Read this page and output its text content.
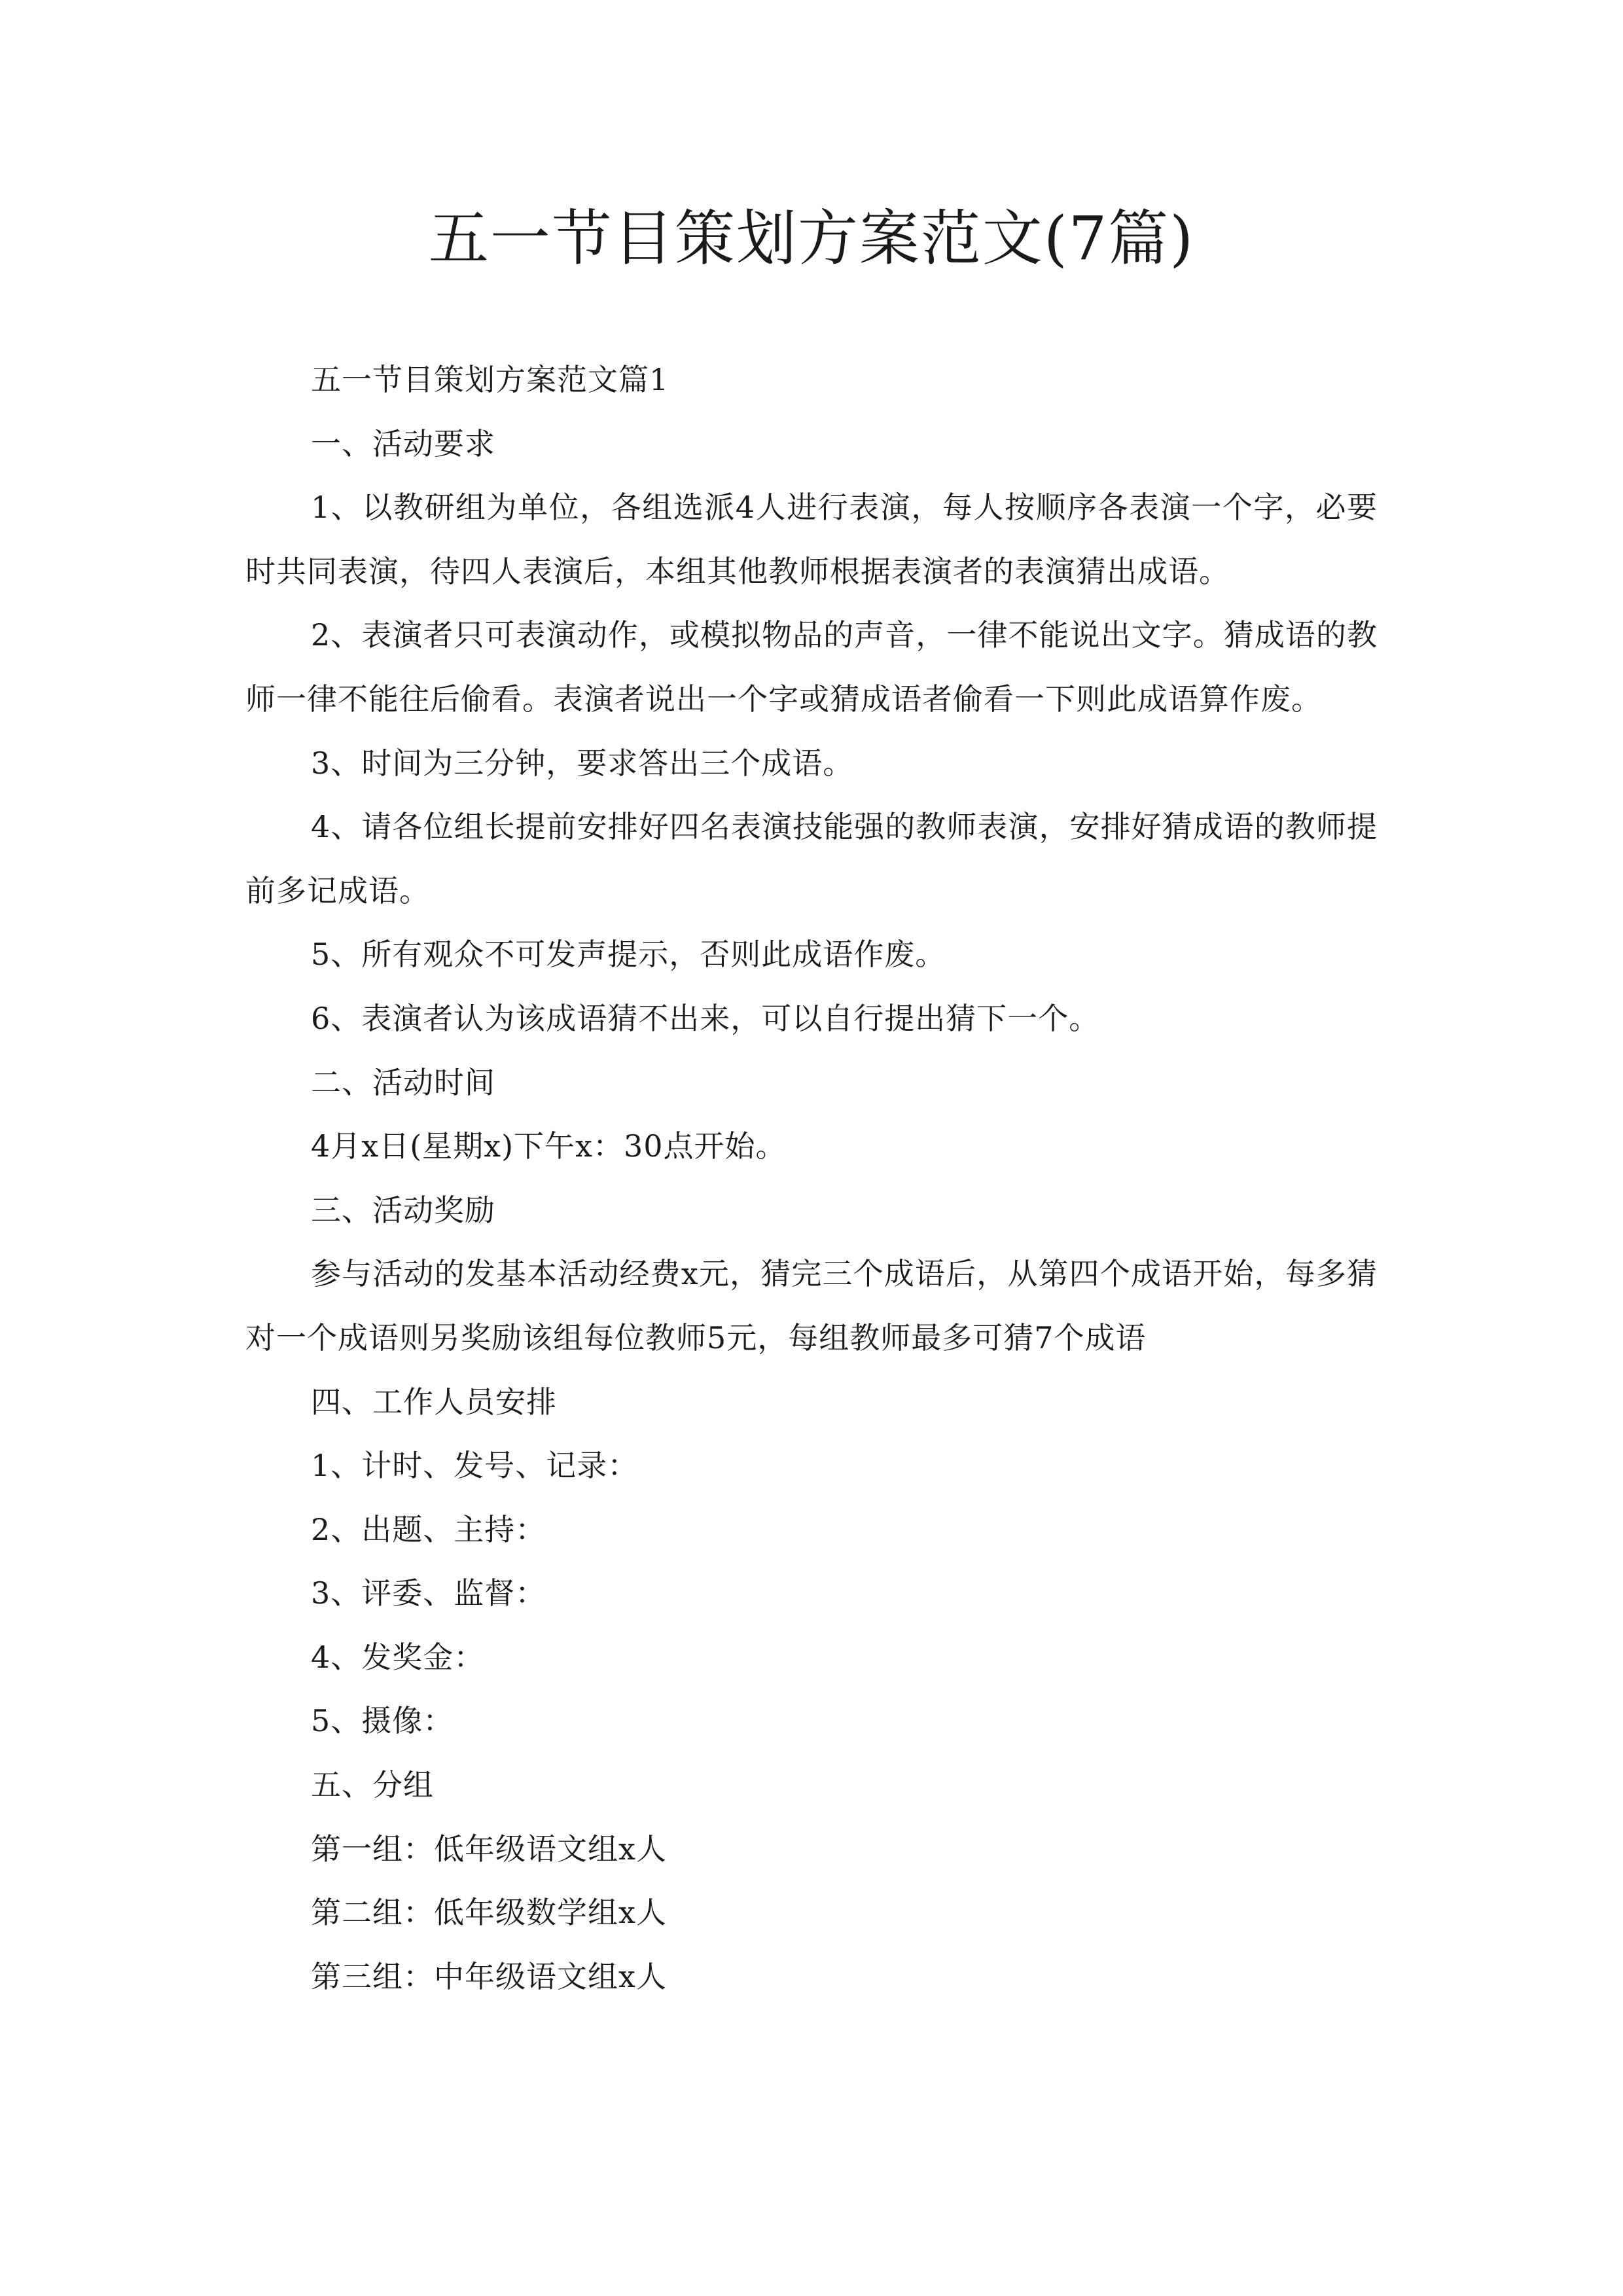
五一节目策划方案范文(7篇)

五一节目策划方案范文篇1

一、活动要求

1、以教研组为单位，各组选派4人进行表演，每人按顺序各表演一个字，必要时共同表演，待四人表演后，本组其他教师根据表演者的表演猜出成语。

2、表演者只可表演动作，或模拟物品的声音，一律不能说出文字。猜成语的教师一律不能往后偷看。表演者说出一个字或猜成语者偷看一下则此成语算作废。

3、时间为三分钟，要求答出三个成语。

4、请各位组长提前安排好四名表演技能强的教师表演，安排好猜成语的教师提前多记成语。

5、所有观众不可发声提示，否则此成语作废。

6、表演者认为该成语猜不出来，可以自行提出猜下一个。

二、活动时间

4月x日(星期x)下午x：30点开始。

三、活动奖励

参与活动的发基本活动经费x元，猜完三个成语后，从第四个成语开始，每多猜对一个成语则另奖励该组每位教师5元，每组教师最多可猜7个成语

四、工作人员安排

1、计时、发号、记录：

2、出题、主持：

3、评委、监督：

4、发奖金：

5、摄像：

五、分组

第一组：低年级语文组x人

第二组：低年级数学组x人

第三组：中年级语文组x人
